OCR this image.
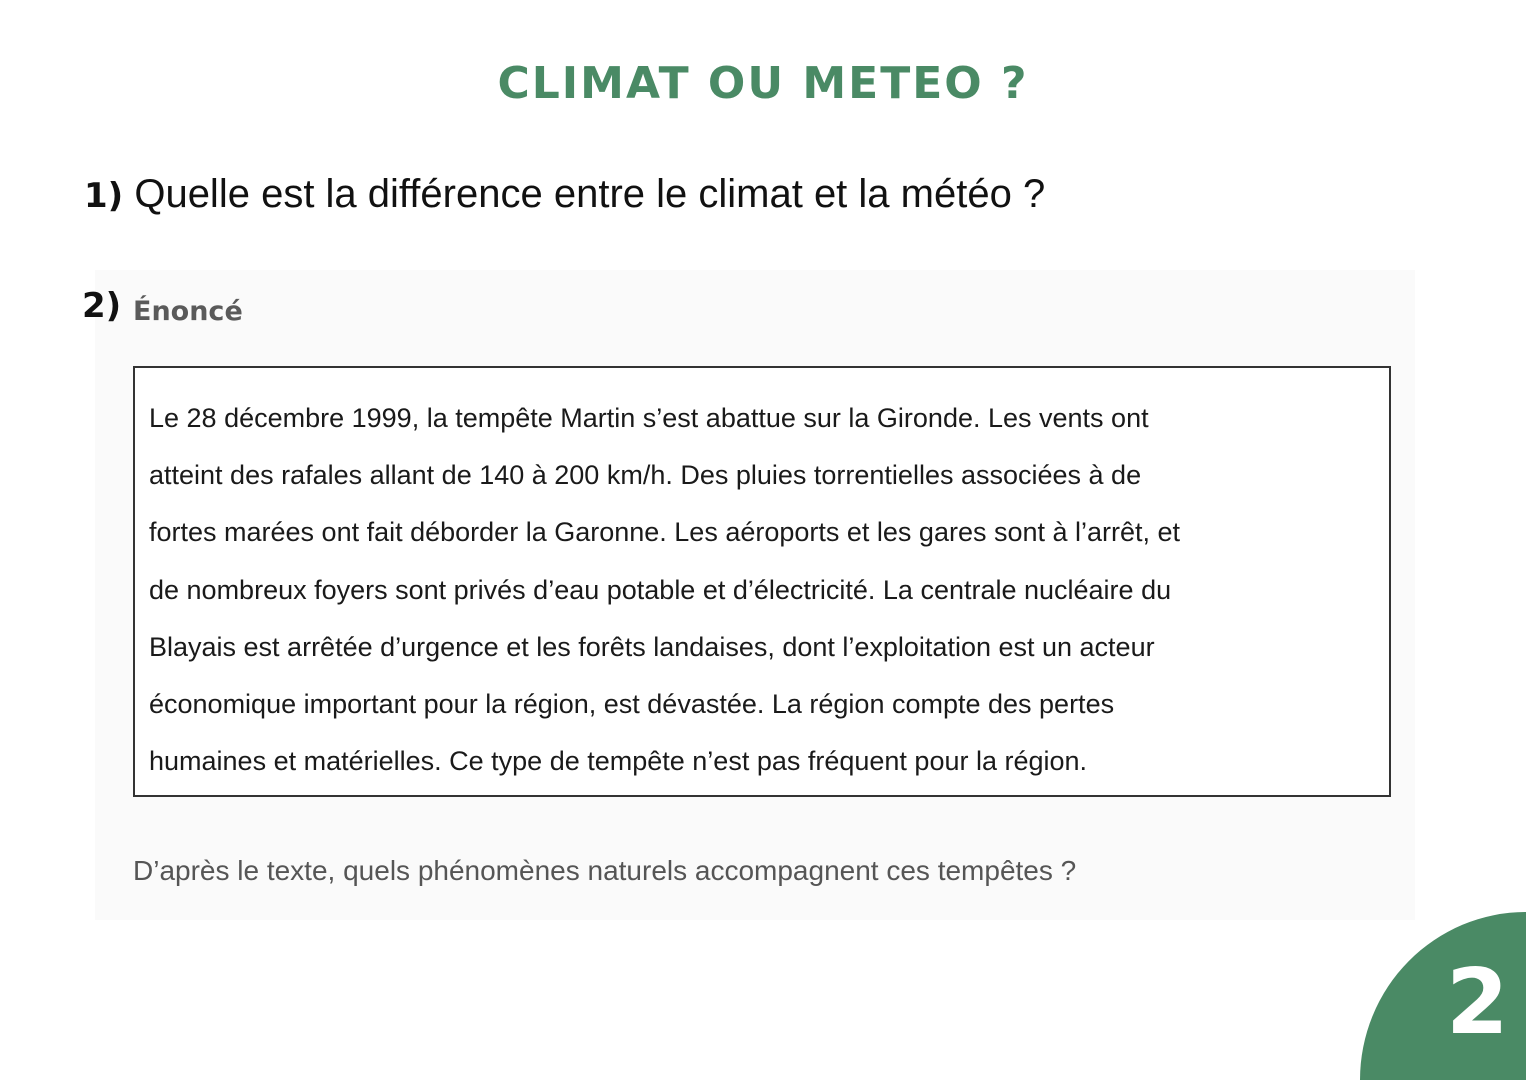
CLIMAT OU METEO ?
1) Quelle est la différence entre le climat et la météo ?
2) Énoncé

Le 28 décembre 1999, la tempête Martin s’est abattue sur la Gironde. Les vents ont

atteint des rafales allant de 140 à 200 km/h. Des pluies torrentielles associées à de

fortes marées ont fait déborder la Garonne. Les aéroports et les gares sont à l’arrêt, et

de nombreux foyers sont privés d’eau potable et d’électricité. La centrale nucléaire du

Blayais est arrêtée d’urgence et les forêts landaises, dont l’exploitation est un acteur

économique important pour la région, est dévastée. La région compte des pertes

humaines et matérielles. Ce type de tempête n’est pas fréquent pour la région.

D’après le texte, quels phénomènes naturels accompagnent ces tempêtes ?
2
